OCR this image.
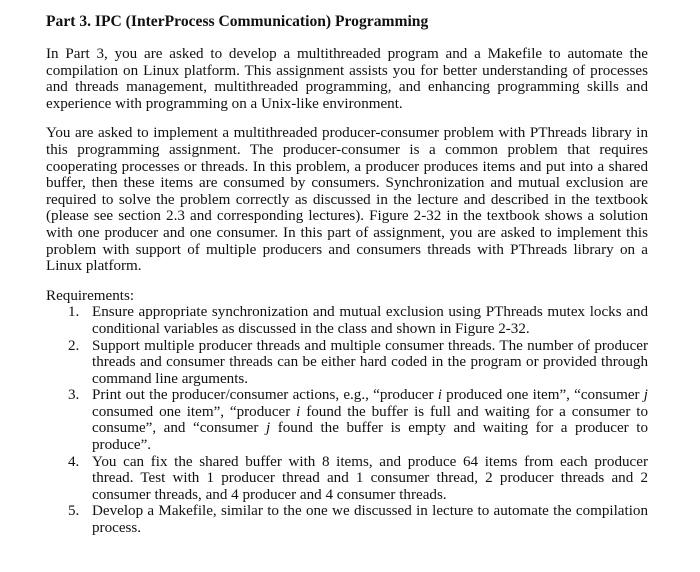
Part 3. IPC (InterProcess Communication) Programming

In Part 3, you are asked to develop a multithreaded program and a Makefile to automate the compilation on Linux platform. This assignment assists you for better understanding of processes and threads management, multithreaded programming, and enhancing programming skills and experience with programming on a Unix-like environment.

You are asked to implement a multithreaded producer-consumer problem with PThreads library in this programming assignment. The producer-consumer is a common problem that requires cooperating processes or threads. In this problem, a producer produces items and put into a shared buffer, then these items are consumed by consumers. Synchronization and mutual exclusion are required to solve the problem correctly as discussed in the lecture and described in the textbook (please see section 2.3 and corresponding lectures). Figure 2-32 in the textbook shows a solution with one producer and one consumer. In this part of assignment, you are asked to implement this problem with support of multiple producers and consumers threads with PThreads library on a Linux platform.

Requirements:
1. Ensure appropriate synchronization and mutual exclusion using PThreads mutex locks and conditional variables as discussed in the class and shown in Figure 2-32.
2. Support multiple producer threads and multiple consumer threads. The number of producer threads and consumer threads can be either hard coded in the program or provided through command line arguments.
3. Print out the producer/consumer actions, e.g., “producer i produced one item”, “consumer j consumed one item”, “producer i found the buffer is full and waiting for a consumer to consume”, and “consumer j found the buffer is empty and waiting for a producer to produce”.
4. You can fix the shared buffer with 8 items, and produce 64 items from each producer thread. Test with 1 producer thread and 1 consumer thread, 2 producer threads and 2 consumer threads, and 4 producer and 4 consumer threads.
5. Develop a Makefile, similar to the one we discussed in lecture to automate the compilation process.
